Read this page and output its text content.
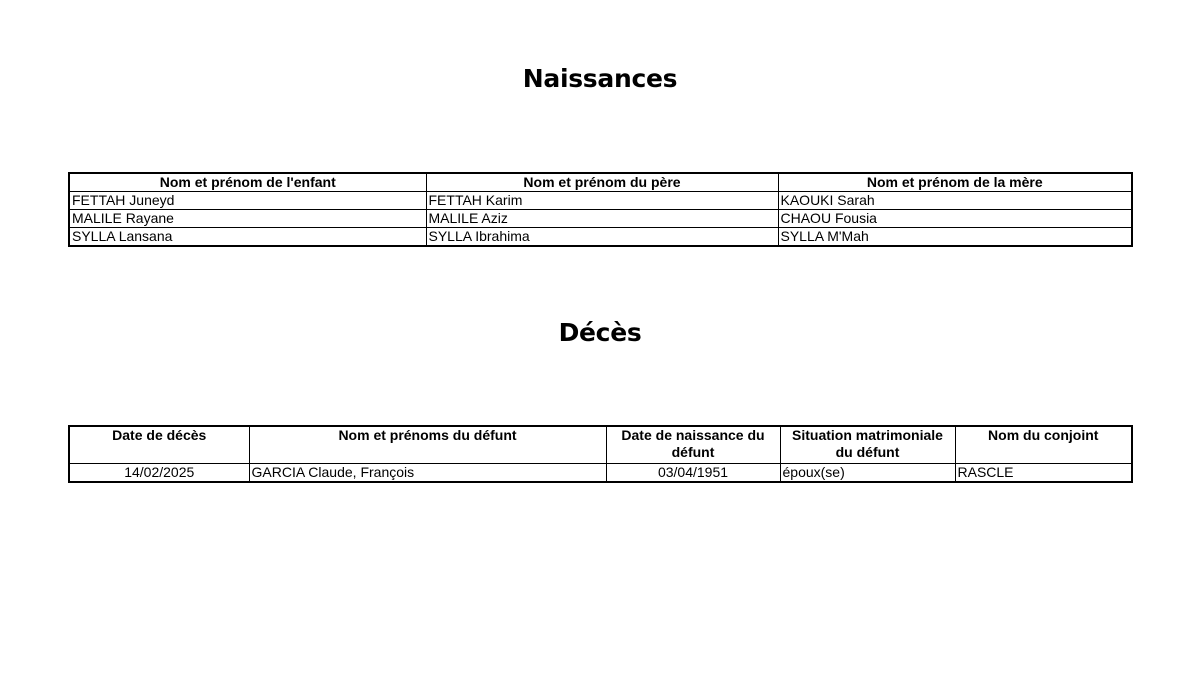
Naissances
Nom et prénom de l'enfant	Nom et prénom du père	Nom et prénom de la mère
FETTAH Juneyd	FETTAH Karim	KAOUKI Sarah
MALILE Rayane	MALILE Aziz	CHAOU Fousia
SYLLA Lansana	SYLLA Ibrahima	SYLLA M'Mah
Décès
Date de décès	Nom et prénoms du défunt	Date de naissance du défunt	Situation matrimoniale du défunt	Nom du conjoint
14/02/2025	GARCIA Claude, François	03/04/1951	époux(se)	RASCLE
